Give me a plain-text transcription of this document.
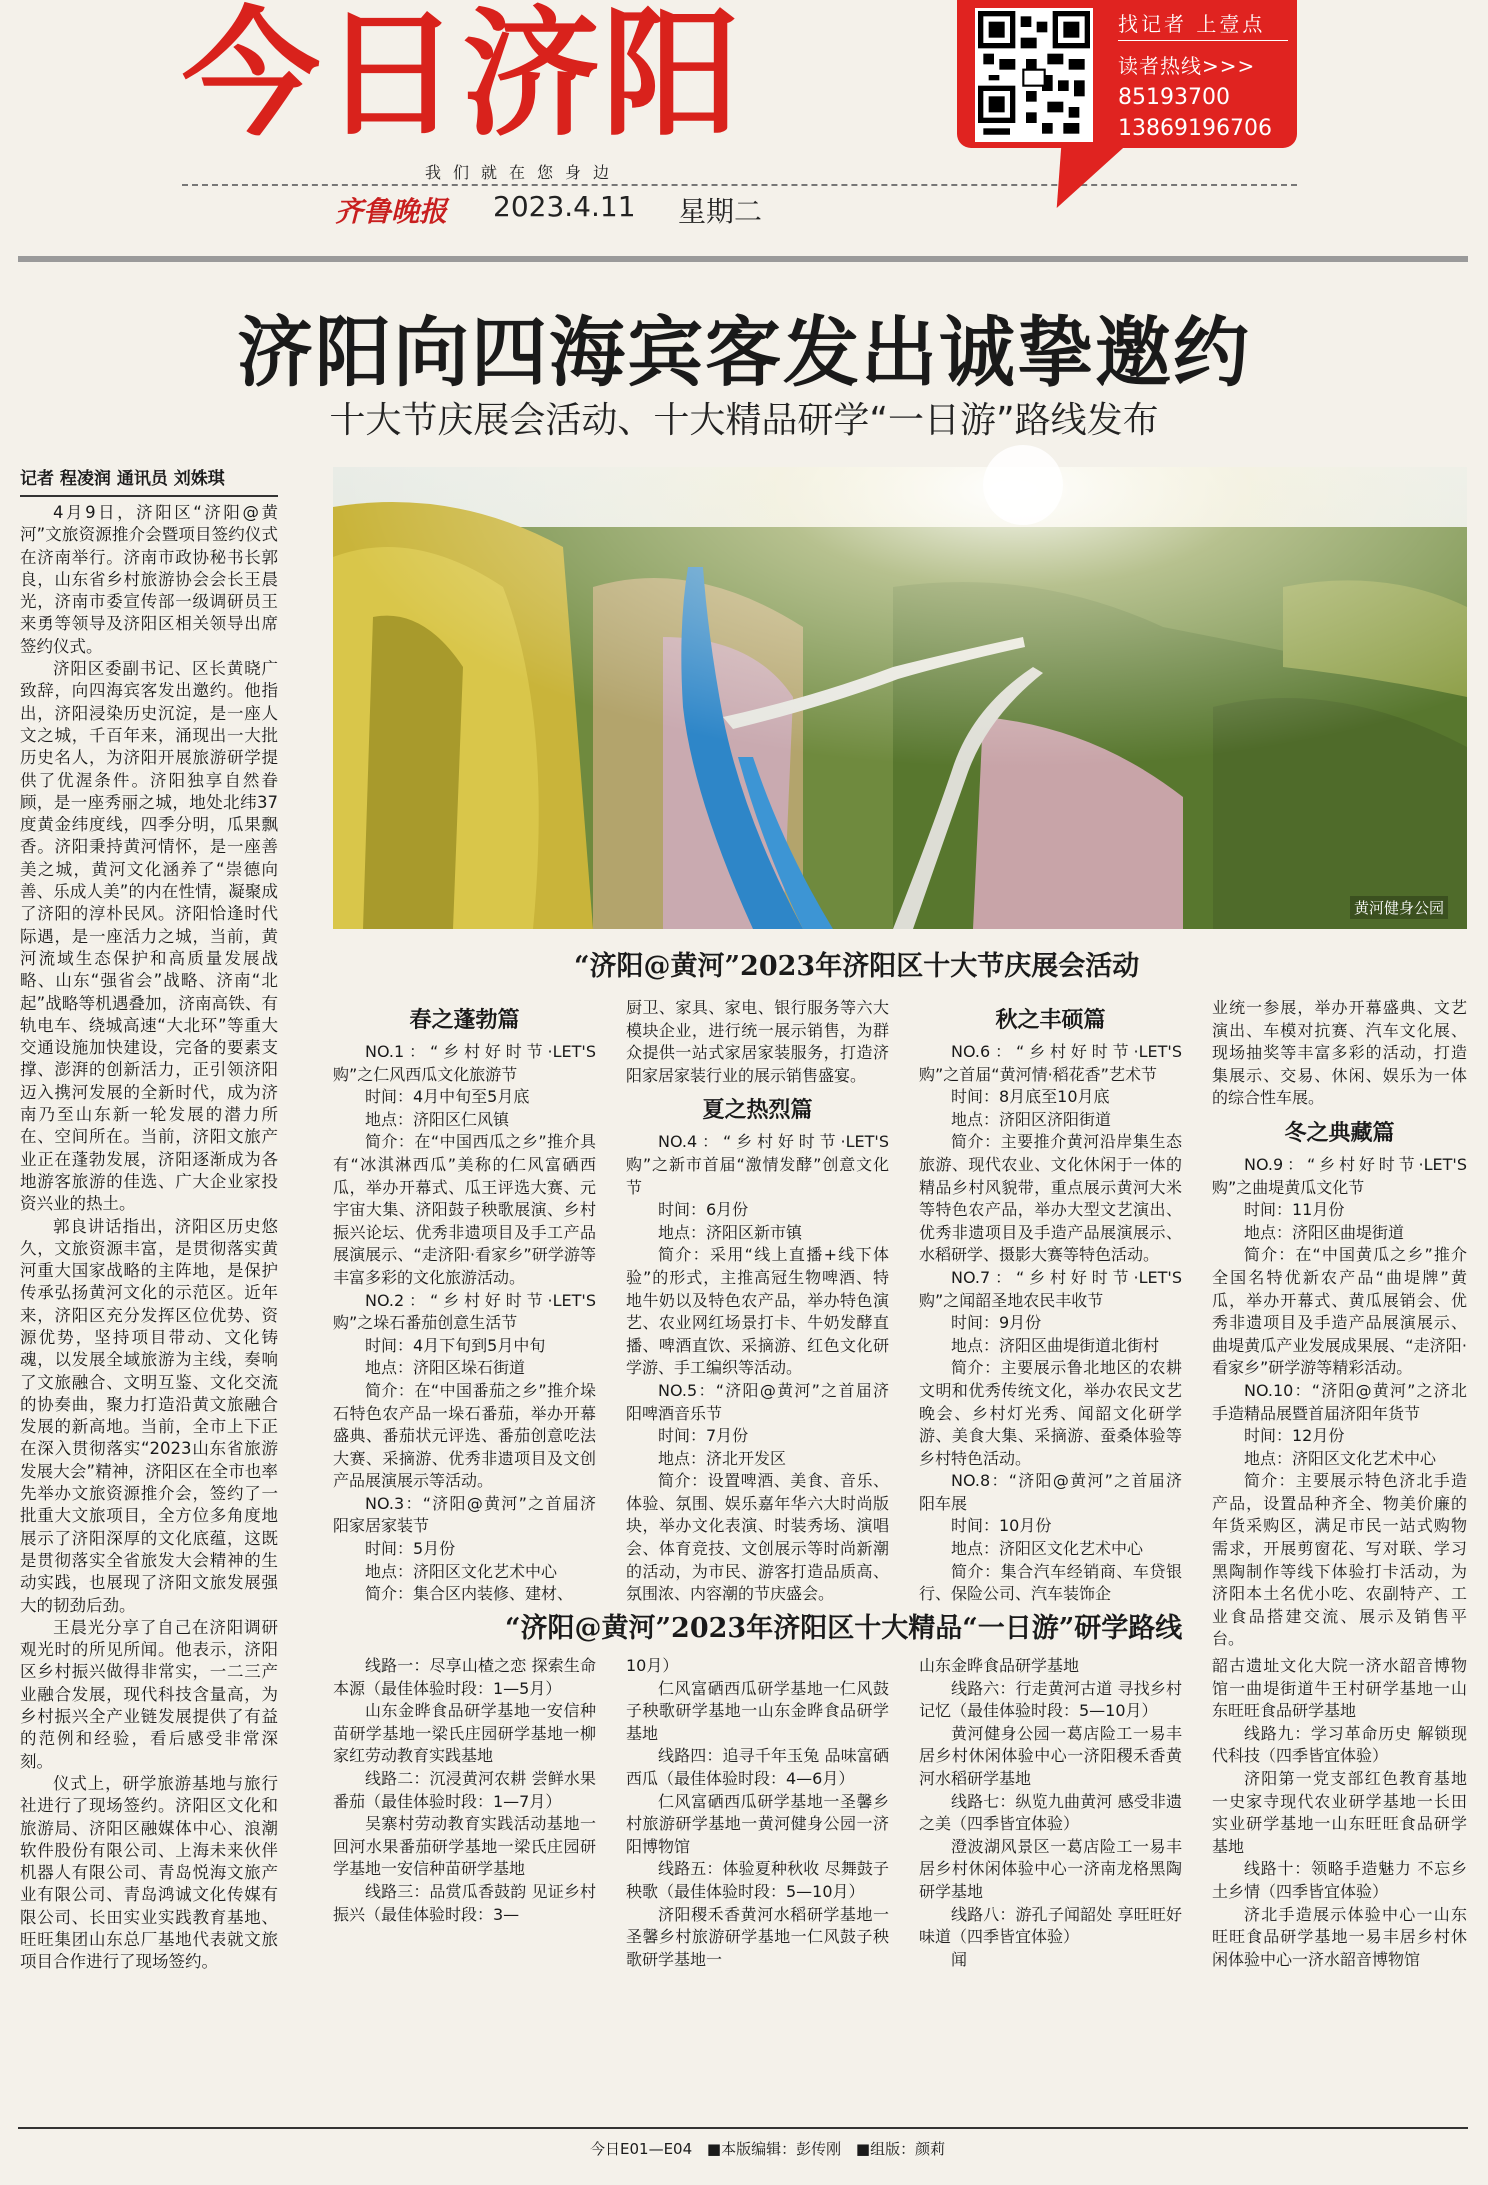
今日济阳
我们就在您身边
齐鲁晚报 2023.4.11 星期二
找记者 上壹点
读者热线>>>
85193700
13869196706
济阳向四海宾客发出诚挚邀约
十大节庆展会活动、十大精品研学“一日游”路线发布
记者 程凌润 通讯员 刘姝琪

4月9日，济阳区“济阳@黄河”文旅资源推介会暨项目签约仪式在济南举行。济南市政协秘书长郭良，山东省乡村旅游协会会长王晨光，济南市委宣传部一级调研员王来勇等领导及济阳区相关领导出席签约仪式。

济阳区委副书记、区长黄晓广致辞，向四海宾客发出邀约。他指出，济阳浸染历史沉淀，是一座人文之城，千百年来，涌现出一大批历史名人，为济阳开展旅游研学提供了优渥条件。济阳独享自然眷顾，是一座秀丽之城，地处北纬37度黄金纬度线，四季分明，瓜果飘香。济阳秉持黄河情怀，是一座善美之城，黄河文化涵养了“崇德向善、乐成人美”的内在性情，凝聚成了济阳的淳朴民风。济阳恰逢时代际遇，是一座活力之城，当前，黄河流域生态保护和高质量发展战略、山东“强省会”战略、济南“北起”战略等机遇叠加，济南高铁、有轨电车、绕城高速“大北环”等重大交通设施加快建设，完备的要素支撑、澎湃的创新活力，正引领济阳迈入携河发展的全新时代，成为济南乃至山东新一轮发展的潜力所在、空间所在。当前，济阳文旅产业正在蓬勃发展，济阳逐渐成为各地游客旅游的佳选、广大企业家投资兴业的热土。

郭良讲话指出，济阳区历史悠久，文旅资源丰富，是贯彻落实黄河重大国家战略的主阵地，是保护传承弘扬黄河文化的示范区。近年来，济阳区充分发挥区位优势、资源优势，坚持项目带动、文化铸魂，以发展全域旅游为主线，奏响了文旅融合、文明互鉴、文化交流的协奏曲，聚力打造沿黄文旅融合发展的新高地。当前，全市上下正在深入贯彻落实“2023山东省旅游发展大会”精神，济阳区在全市也率先举办文旅资源推介会，签约了一批重大文旅项目，全方位多角度地展示了济阳深厚的文化底蕴，这既是贯彻落实全省旅发大会精神的生动实践，也展现了济阳文旅发展强大的韧劲后劲。

王晨光分享了自己在济阳调研观光时的所见所闻。他表示，济阳区乡村振兴做得非常实，一二三产业融合发展，现代科技含量高，为乡村振兴全产业链发展提供了有益的范例和经验，看后感受非常深刻。

仪式上，研学旅游基地与旅行社进行了现场签约。济阳区文化和旅游局、济阳区融媒体中心、浪潮软件股份有限公司、上海未来伙伴机器人有限公司、青岛悦海文旅产业有限公司、青岛鸿诚文化传媒有限公司、长田实业实践教育基地、旺旺集团山东总厂基地代表就文旅项目合作进行了现场签约。

黄河健身公园
“济阳@黄河”2023年济阳区十大节庆展会活动

春之蓬勃篇

NO.1：“乡村好时节·LET'S购”之仁风西瓜文化旅游节

时间：4月中旬至5月底

地点：济阳区仁风镇

简介：在“中国西瓜之乡”推介具有“冰淇淋西瓜”美称的仁风富硒西瓜，举办开幕式、瓜王评选大赛、元宇宙大集、济阳鼓子秧歌展演、乡村振兴论坛、优秀非遗项目及手工产品展演展示、“走济阳·看家乡”研学游等丰富多彩的文化旅游活动。

NO.2：“乡村好时节·LET'S购”之垛石番茄创意生活节

时间：4月下旬到5月中旬

地点：济阳区垛石街道

简介：在“中国番茄之乡”推介垛石特色农产品一垛石番茄，举办开幕盛典、番茄状元评选、番茄创意吃法大赛、采摘游、优秀非遗项目及文创产品展演展示等活动。

NO.3：“济阳@黄河”之首届济阳家居家装节

时间：5月份

地点：济阳区文化艺术中心

简介：集合区内装修、建材、

厨卫、家具、家电、银行服务等六大模块企业，进行统一展示销售，为群众提供一站式家居家装服务，打造济阳家居家装行业的展示销售盛宴。

夏之热烈篇

NO.4：“乡村好时节·LET'S购”之新市首届“激情发酵”创意文化节

时间：6月份

地点：济阳区新市镇

简介：采用“线上直播+线下体验”的形式，主推高冠生物啤酒、特地牛奶以及特色农产品，举办特色演艺、农业网红场景打卡、牛奶发酵直播、啤酒直饮、采摘游、红色文化研学游、手工编织等活动。

NO.5：“济阳@黄河”之首届济阳啤酒音乐节

时间：7月份

地点：济北开发区

简介：设置啤酒、美食、音乐、体验、氛围、娱乐嘉年华六大时尚版块，举办文化表演、时装秀场、演唱会、体育竞技、文创展示等时尚新潮的活动，为市民、游客打造品质高、氛围浓、内容潮的节庆盛会。

秋之丰硕篇

NO.6：“乡村好时节·LET'S购”之首届“黄河情·稻花香”艺术节

时间：8月底至10月底

地点：济阳区济阳街道

简介：主要推介黄河沿岸集生态旅游、现代农业、文化休闲于一体的精品乡村风貌带，重点展示黄河大米等特色农产品，举办大型文艺演出、优秀非遗项目及手造产品展演展示、水稻研学、摄影大赛等特色活动。

NO.7：“乡村好时节·LET'S购”之闻韶圣地农民丰收节

时间：9月份

地点：济阳区曲堤街道北街村

简介：主要展示鲁北地区的农耕文明和优秀传统文化，举办农民文艺晚会、乡村灯光秀、闻韶文化研学游、美食大集、采摘游、蚕桑体验等乡村特色活动。

NO.8：“济阳@黄河”之首届济阳车展

时间：10月份

地点：济阳区文化艺术中心

简介：集合汽车经销商、车贷银行、保险公司、汽车装饰企

业统一参展，举办开幕盛典、文艺演出、车模对抗赛、汽车文化展、现场抽奖等丰富多彩的活动，打造集展示、交易、休闲、娱乐为一体的综合性车展。

冬之典藏篇

NO.9：“乡村好时节·LET'S购”之曲堤黄瓜文化节

时间：11月份

地点：济阳区曲堤街道

简介：在“中国黄瓜之乡”推介全国名特优新农产品“曲堤牌”黄瓜，举办开幕式、黄瓜展销会、优秀非遗项目及手造产品展演展示、曲堤黄瓜产业发展成果展、“走济阳·看家乡”研学游等精彩活动。

NO.10：“济阳@黄河”之济北手造精品展暨首届济阳年货节

时间：12月份

地点：济阳区文化艺术中心

简介：主要展示特色济北手造产品，设置品种齐全、物美价廉的年货采购区，满足市民一站式购物需求，开展剪窗花、写对联、学习黑陶制作等线下体验打卡活动，为济阳本土名优小吃、农副特产、工业食品搭建交流、展示及销售平台。

“济阳@黄河”2023年济阳区十大精品“一日游”研学路线

线路一：尽享山楂之恋 探索生命本源（最佳体验时段：1—5月）

山东金晔食品研学基地一安信种苗研学基地一梁氏庄园研学基地一柳家红劳动教育实践基地

线路二：沉浸黄河农耕 尝鲜水果番茄（最佳体验时段：1—7月）

吴寨村劳动教育实践活动基地一回河水果番茄研学基地一梁氏庄园研学基地一安信种苗研学基地

线路三：品赏瓜香鼓韵 见证乡村振兴（最佳体验时段：3—

10月）

仁风富硒西瓜研学基地一仁风鼓子秧歌研学基地一山东金晔食品研学基地

线路四：追寻千年玉兔 品味富硒西瓜（最佳体验时段：4—6月）

仁风富硒西瓜研学基地一圣馨乡村旅游研学基地一黄河健身公园一济阳博物馆

线路五：体验夏种秋收 尽舞鼓子秧歌（最佳体验时段：5—10月）

济阳稷禾香黄河水稻研学基地一圣馨乡村旅游研学基地一仁风鼓子秧歌研学基地一

山东金晔食品研学基地

线路六：行走黄河古道 寻找乡村记忆（最佳体验时段：5—10月）

黄河健身公园一葛店险工一易丰居乡村休闲体验中心一济阳稷禾香黄河水稻研学基地

线路七：纵览九曲黄河 感受非遗之美（四季皆宜体验）

澄波湖风景区一葛店险工一易丰居乡村休闲体验中心一济南龙格黑陶研学基地

线路八：游孔子闻韶处 享旺旺好味道（四季皆宜体验）

闻

韶古遗址文化大院一济水韶音博物馆一曲堤街道牛王村研学基地一山东旺旺食品研学基地

线路九：学习革命历史 解锁现代科技（四季皆宜体验）

济阳第一党支部红色教育基地一史家寺现代农业研学基地一长田实业研学基地一山东旺旺食品研学基地

线路十：领略手造魅力 不忘乡土乡情（四季皆宜体验）

济北手造展示体验中心一山东旺旺食品研学基地一易丰居乡村休闲体验中心一济水韶音博物馆

今日E01—E04 ■本版编辑：彭传刚 ■组版：颜莉
